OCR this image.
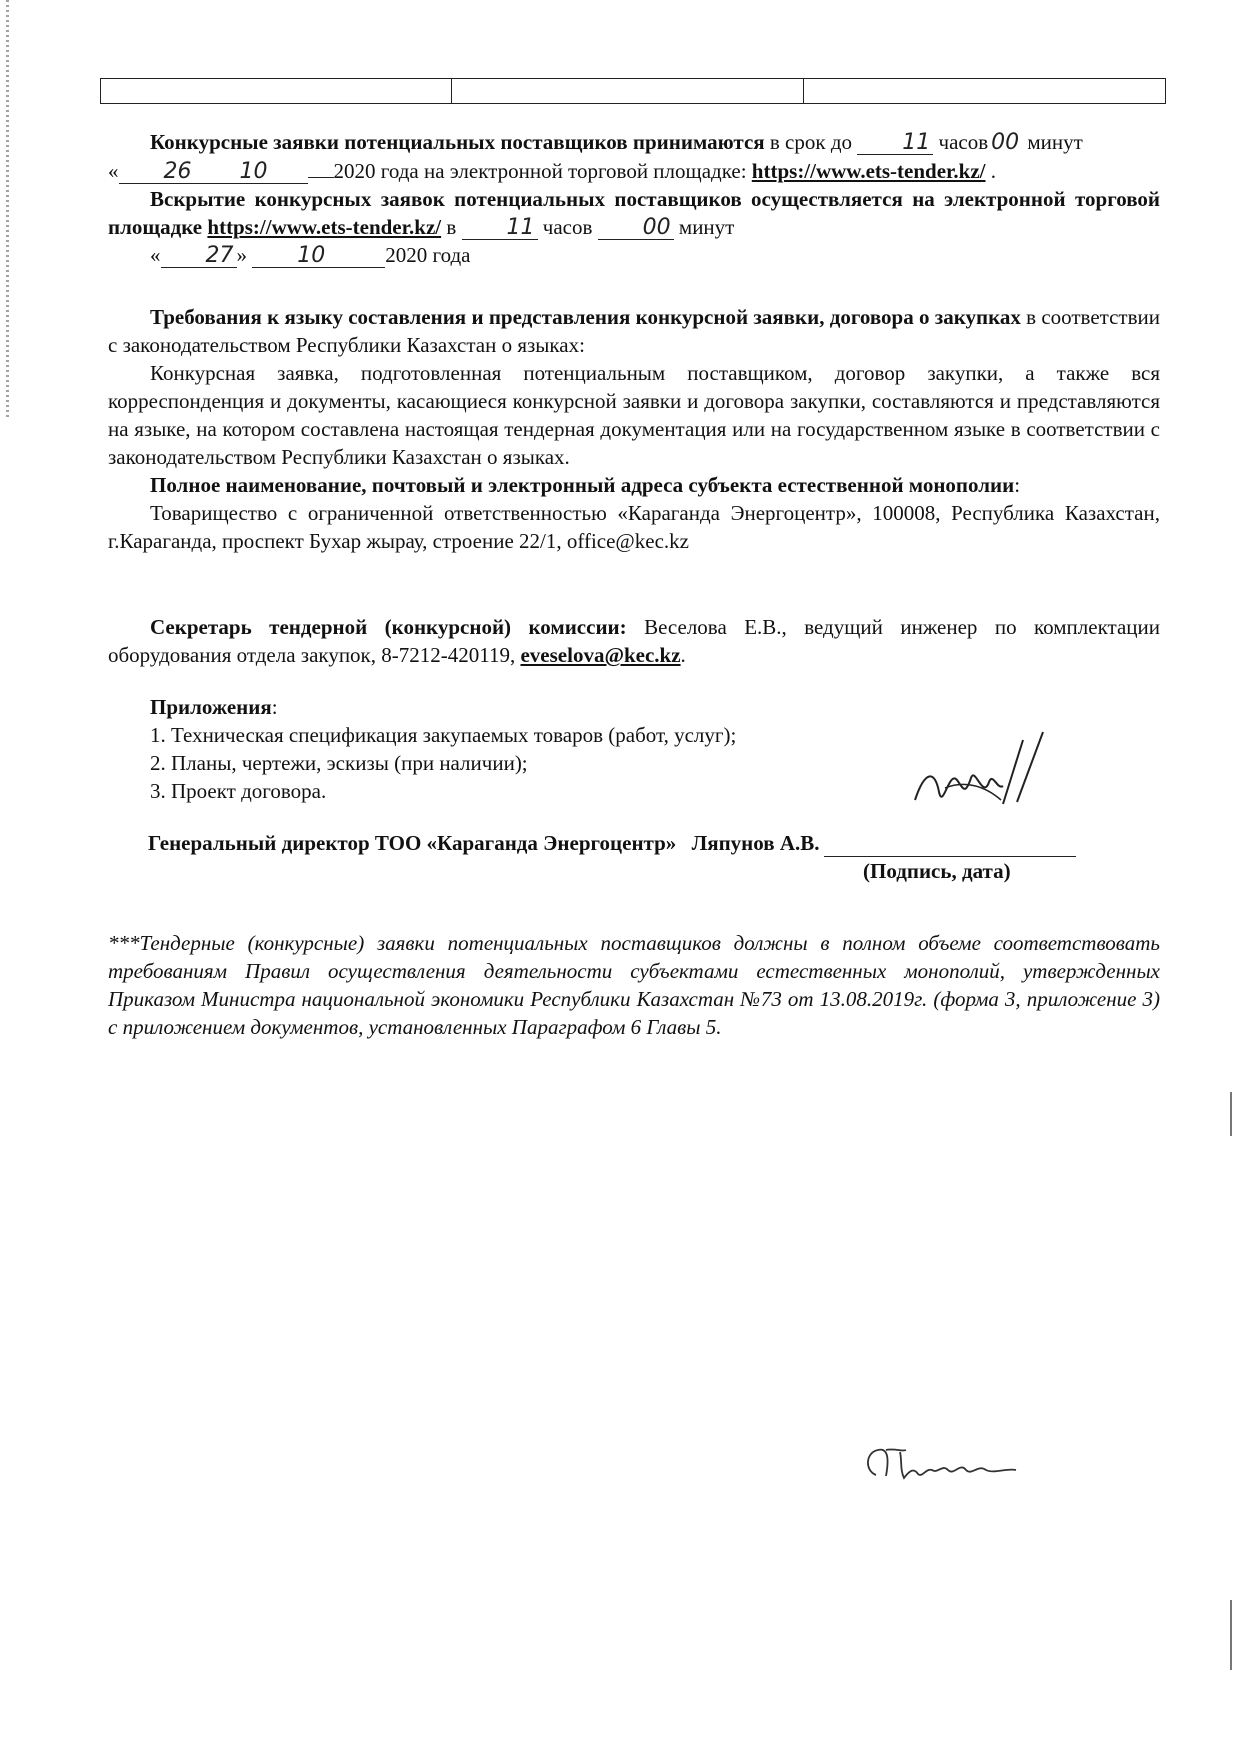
Конкурсные заявки потенциальных поставщиков принимаются в срок до 11 часов 00 минут
« 26 10	2020 года на электронной торговой площадке: https://www.ets-tender.kz/ .

Вскрытие конкурсных заявок потенциальных поставщиков осуществляется на электронной торговой площадке https://www.ets-tender.kz/ в 11 часов 00 минут
« 27 » 10	2020 года

Требования к языку составления и представления конкурсной заявки, договора о закупках в соответствии с законодательством Республики Казахстан о языках:

Конкурсная заявка, подготовленная потенциальным поставщиком, договор закупки, а также вся корреспонденция и документы, касающиеся конкурсной заявки и договора закупки, составляются и представляются на языке, на котором составлена настоящая тендерная документация или на государственном языке в соответствии с законодательством Республики Казахстан о языках.

Полное наименование, почтовый и электронный адреса субъекта естественной монополии:

Товарищество с ограниченной ответственностью «Караганда Энергоцентр», 100008, Республика Казахстан, г.Караганда, проспект Бухар жырау, строение 22/1, office@kec.kz

Секретарь тендерной (конкурсной) комиссии: Веселова Е.В., ведущий инженер по комплектации оборудования отдела закупок, 8-7212-420119, eveselova@kec.kz.

Приложения:

1. Техническая спецификация закупаемых товаров (работ, услуг);

2. Планы, чертежи, эскизы (при наличии);

3. Проект договора.

Генеральный директор ТОО «Караганда Энергоцентр» Ляпунов А.В.

(Подпись, дата)

***Тендерные (конкурсные) заявки потенциальных поставщиков должны в полном объеме соответствовать требованиям Правил осуществления деятельности субъектами естественных монополий, утвержденных Приказом Министра национальной экономики Республики Казахстан №73 от 13.08.2019г. (форма 3, приложение 3) с приложением документов, установленных Параграфом 6 Главы 5.
